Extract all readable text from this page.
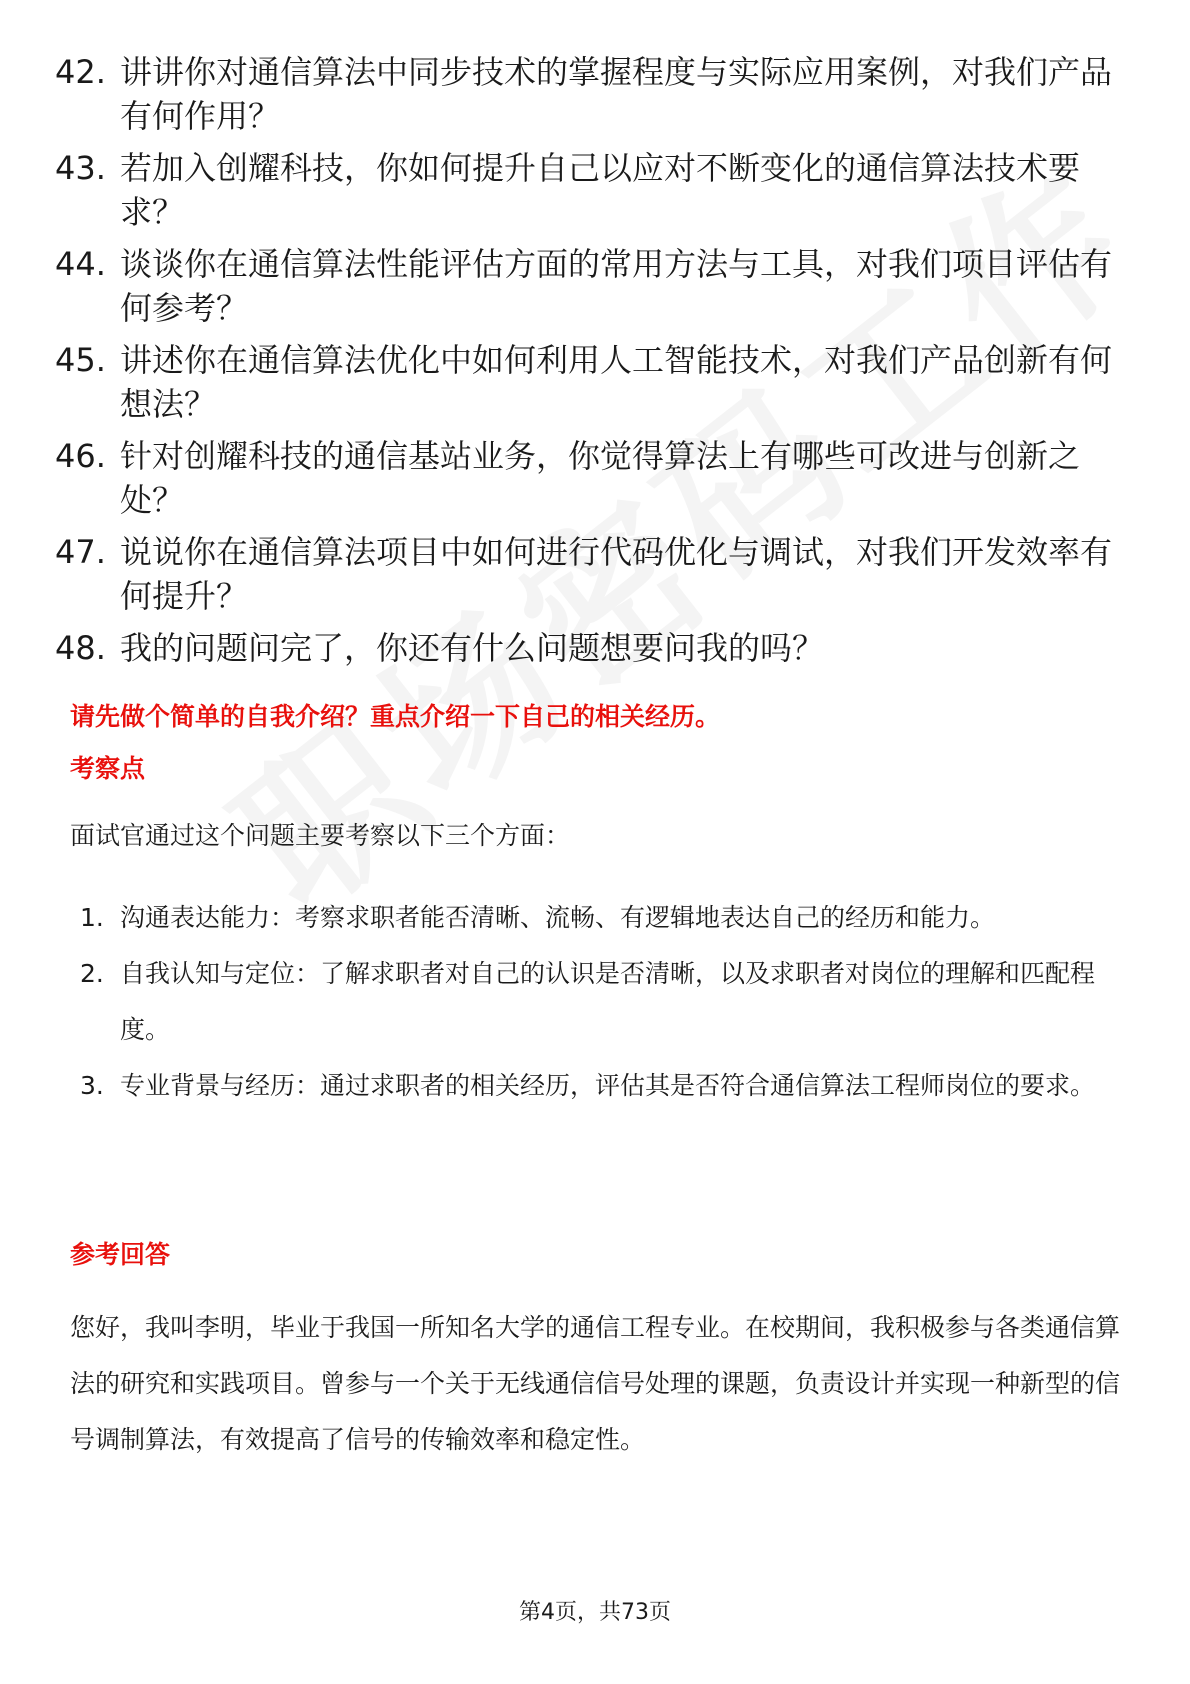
42. 讲讲你对通信算法中同步技术的掌握程度与实际应用案例，对我们产品有何作用？
43. 若加入创耀科技，你如何提升自己以应对不断变化的通信算法技术要求？
44. 谈谈你在通信算法性能评估方面的常用方法与工具，对我们项目评估有何参考？
45. 讲述你在通信算法优化中如何利用人工智能技术，对我们产品创新有何想法？
46. 针对创耀科技的通信基站业务，你觉得算法上有哪些可改进与创新之处？
47. 说说你在通信算法项目中如何进行代码优化与调试，对我们开发效率有何提升？
48. 我的问题问完了，你还有什么问题想要问我的吗？
请先做个简单的自我介绍？重点介绍一下自己的相关经历。
考察点
面试官通过这个问题主要考察以下三个方面：
1. 沟通表达能力：考察求职者能否清晰、流畅、有逻辑地表达自己的经历和能力。
2. 自我认知与定位：了解求职者对自己的认识是否清晰，以及求职者对岗位的理解和匹配程度。
3. 专业背景与经历：通过求职者的相关经历，评估其是否符合通信算法工程师岗位的要求。
参考回答
您好，我叫李明，毕业于我国一所知名大学的通信工程专业。在校期间，我积极参与各类通信算法的研究和实践项目。曾参与一个关于无线通信信号处理的课题，负责设计并实现一种新型的信号调制算法，有效提高了信号的传输效率和稳定性。
第4页，共73页
